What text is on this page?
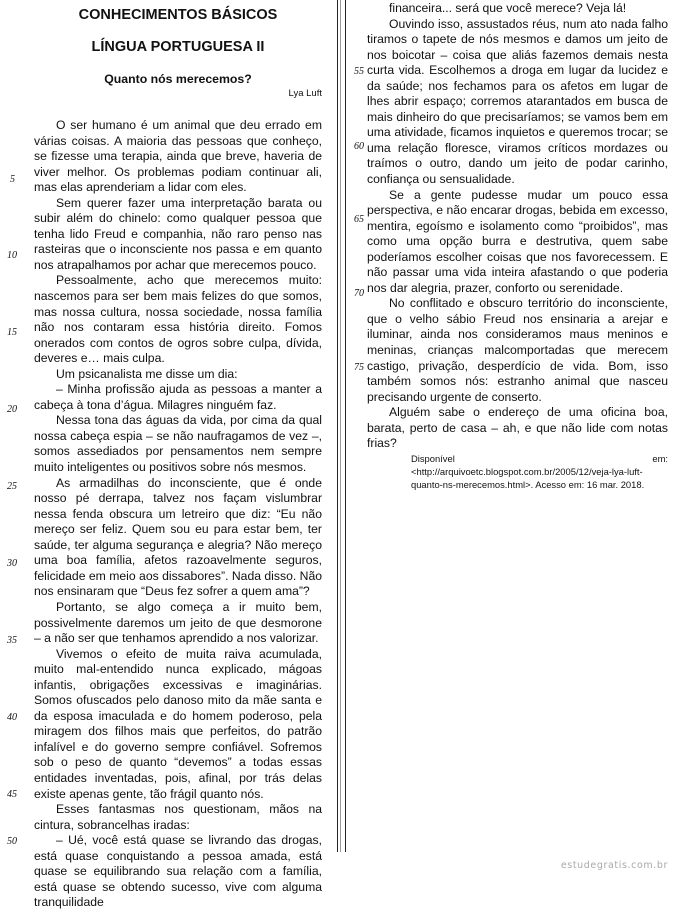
CONHECIMENTOS BÁSICOS
LÍNGUA PORTUGUESA II
Quanto nós merecemos?
Lya Luft

O ser humano é um animal que deu errado em várias coisas. A maioria das pessoas que conheço, se fizesse uma terapia, ainda que breve, haveria de viver melhor. Os problemas podiam continuar ali, mas elas aprenderiam a lidar com eles.

Sem querer fazer uma interpretação barata ou subir além do chinelo: como qualquer pessoa que tenha lido Freud e companhia, não raro penso nas rasteiras que o inconsciente nos passa e em quanto nos atrapalhamos por achar que merecemos pouco.

Pessoalmente, acho que merecemos muito: nascemos para ser bem mais felizes do que somos, mas nossa cultura, nossa sociedade, nossa família não nos contaram essa história direito. Fomos onerados com contos de ogros sobre culpa, dívida, deveres e… mais culpa.

Um psicanalista me disse um dia:

– Minha profissão ajuda as pessoas a manter a cabeça à tona d’água. Milagres ninguém faz.

Nessa tona das águas da vida, por cima da qual nossa cabeça espia – se não naufragamos de vez –, somos assediados por pensamentos nem sempre muito inteligentes ou positivos sobre nós mesmos.

As armadilhas do inconsciente, que é onde nosso pé derrapa, talvez nos façam vislumbrar nessa fenda obscura um letreiro que diz: “Eu não mereço ser feliz. Quem sou eu para estar bem, ter saúde, ter alguma segurança e alegria? Não mereço uma boa família, afetos razoavelmente seguros, felicidade em meio aos dissabores”. Nada disso. Não nos ensinaram que “Deus fez sofrer a quem ama”?

Portanto, se algo começa a ir muito bem, possivelmente daremos um jeito de que desmorone – a não ser que tenhamos aprendido a nos valorizar.

Vivemos o efeito de muita raiva acumulada, muito mal-entendido nunca explicado, mágoas infantis, obrigações excessivas e imaginárias. Somos ofuscados pelo danoso mito da mãe santa e da esposa imaculada e do homem poderoso, pela miragem dos filhos mais que perfeitos, do patrão infalível e do governo sempre confiável. Sofremos sob o peso de quanto “devemos” a todas essas entidades inventadas, pois, afinal, por trás delas existe apenas gente, tão frágil quanto nós.

Esses fantasmas nos questionam, mãos na cintura, sobrancelhas iradas:

– Ué, você está quase se livrando das drogas, está quase conquistando a pessoa amada, está quase se equilibrando sua relação com a família, está quase se obtendo sucesso, vive com alguma tranquilidade

financeira... será que você merece? Veja lá!

Ouvindo isso, assustados réus, num ato nada falho tiramos o tapete de nós mesmos e damos um jeito de nos boicotar – coisa que aliás fazemos demais nesta curta vida. Escolhemos a droga em lugar da lucidez e da saúde; nos fechamos para os afetos em lugar de lhes abrir espaço; corremos atarantados em busca de mais dinheiro do que precisaríamos; se vamos bem em uma atividade, ficamos inquietos e queremos trocar; se uma relação floresce, viramos críticos mordazes ou traímos o outro, dando um jeito de podar carinho, confiança ou sensualidade.

Se a gente pudesse mudar um pouco essa perspectiva, e não encarar drogas, bebida em excesso, mentira, egoísmo e isolamento como “proibidos”, mas como uma opção burra e destrutiva, quem sabe poderíamos escolher coisas que nos favorecessem. E não passar uma vida inteira afastando o que poderia nos dar alegria, prazer, conforto ou serenidade.

No conflitado e obscuro território do inconsciente, que o velho sábio Freud nos ensinaria a arejar e iluminar, ainda nos consideramos maus meninos e meninas, crianças malcomportadas que merecem castigo, privação, desperdício de vida. Bom, isso também somos nós: estranho animal que nasceu precisando urgente de conserto.

Alguém sabe o endereço de uma oficina boa, barata, perto de casa – ah, e que não lide com notas frias?

Disponível em: <http://arquivoetc.blogspot.com.br/2005/12/veja-lya-luft-quanto-ns-merecemos.html>. Acesso em: 16 mar. 2018.

5
10
15
20
25
30
35
40
45
50
55
60
65
70
75
estudegratis.com.br
